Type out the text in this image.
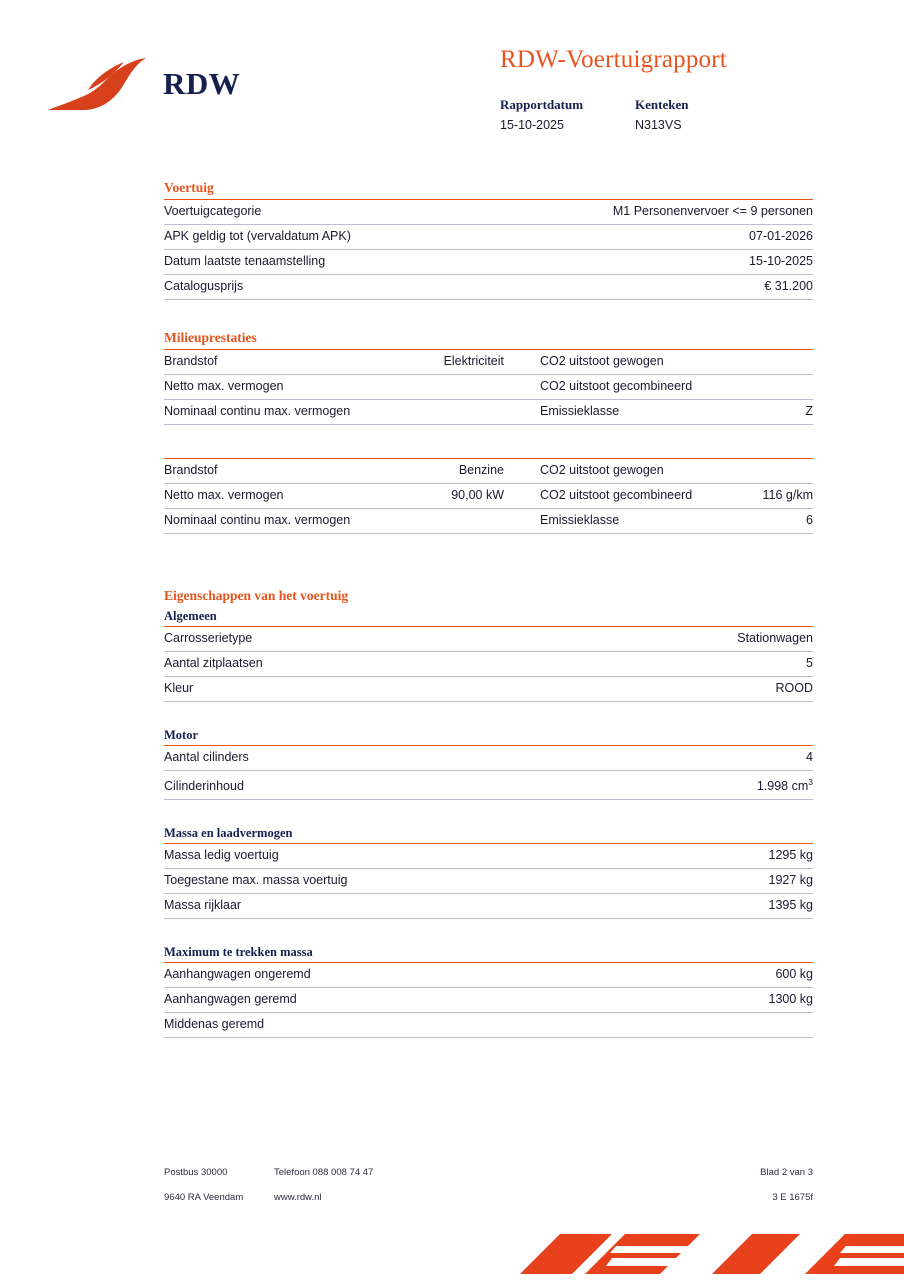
RDW
RDW-Voertuigrapport
Rapportdatum	Kenteken
15-10-2025	N313VS
Voertuig
Voertuigcategorie	M1 Personenvervoer <= 9 personen
APK geldig tot (vervaldatum APK)	07-01-2026
Datum laatste tenaamstelling	15-10-2025
Catalogusprijs	€ 31.200
Milieuprestaties
Brandstof	Elektriciteit	CO2 uitstoot gewogen	
Netto max. vermogen		CO2 uitstoot gecombineerd	
Nominaal continu max. vermogen		Emissieklasse	Z
Brandstof	Benzine	CO2 uitstoot gewogen	
Netto max. vermogen	90,00 kW	CO2 uitstoot gecombineerd	116 g/km
Nominaal continu max. vermogen		Emissieklasse	6
Eigenschappen van het voertuig
Algemeen
Carrosserietype	Stationwagen
Aantal zitplaatsen	5
Kleur	ROOD
Motor
Aantal cilinders	4
Cilinderinhoud	1.998 $cm^3$
Massa en laadvermogen
Massa ledig voertuig	1295 kg
Toegestane max. massa voertuig	1927 kg
Massa rijklaar	1395 kg
Maximum te trekken massa
Aanhangwagen ongeremd	600 kg
Aanhangwagen geremd	1300 kg
Middenas geremd	
Postbus 30000	Telefoon 088 008 74 47	Blad 2 van 3
9640 RA Veendam	www.rdw.nl	3 E 1675f
